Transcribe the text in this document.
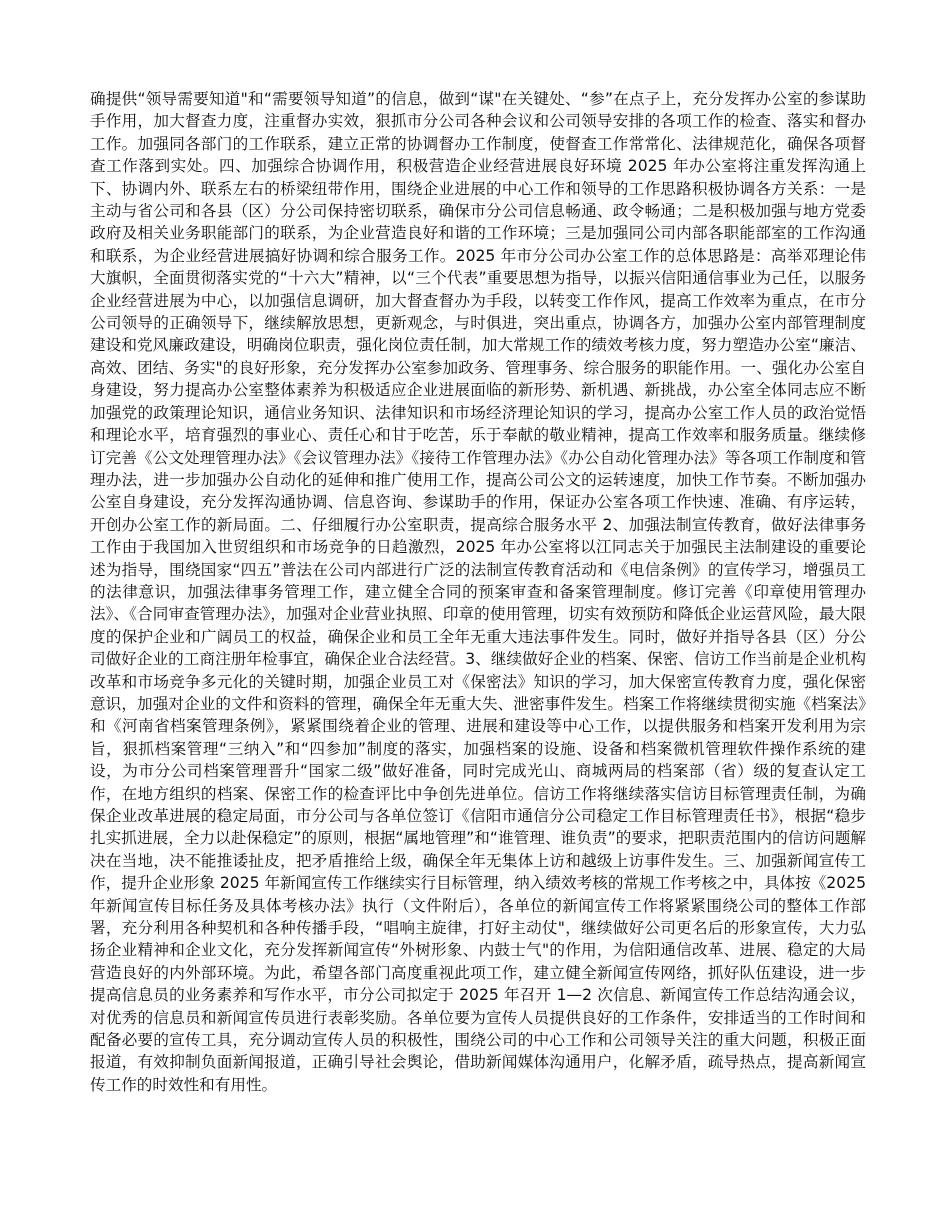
确提供“领导需要知道"和“需要领导知道”的信息，做到“谋"在关键处、“参”在点子上，充分发挥办公室的参谋助手作用，加大督查力度，注重督办实效，狠抓市分公司各种会议和公司领导安排的各项工作的检查、落实和督办工作。加强同各部门的工作联系，建立正常的协调督办工作制度，使督查工作常常化、法律规范化，确保各项督查工作落到实处。四、加强综合协调作用，积极营造企业经营进展良好环境 2025 年办公室将注重发挥沟通上下、协调内外、联系左右的桥梁纽带作用，围绕企业进展的中心工作和领导的工作思路积极协调各方关系：一是主动与省公司和各县（区）分公司保持密切联系，确保市分公司信息畅通、政令畅通；二是积极加强与地方党委政府及相关业务职能部门的联系，为企业营造良好和谐的工作环境；三是加强同公司内部各职能部室的工作沟通和联系，为企业经营进展搞好协调和综合服务工作。2025 年市分公司办公室工作的总体思路是：高举邓理论伟大旗帜，全面贯彻落实党的“十六大”精神，以“三个代表”重要思想为指导，以振兴信阳通信事业为己任，以服务企业经营进展为中心，以加强信息调研，加大督查督办为手段，以转变工作作风，提高工作效率为重点，在市分公司领导的正确领导下，继续解放思想，更新观念，与时俱进，突出重点，协调各方，加强办公室内部管理制度建设和党风廉政建设，明确岗位职责，强化岗位责任制，加大常规工作的绩效考核力度，努力塑造办公室“廉洁、高效、团结、务实"的良好形象，充分发挥办公室参加政务、管理事务、综合服务的职能作用。一、强化办公室自身建设，努力提高办公室整体素养为积极适应企业进展面临的新形势、新机遇、新挑战，办公室全体同志应不断加强党的政策理论知识，通信业务知识、法律知识和市场经济理论知识的学习，提高办公室工作人员的政治觉悟和理论水平，培育强烈的事业心、责任心和甘于吃苦，乐于奉献的敬业精神，提高工作效率和服务质量。继续修订完善《公文处理管理办法》《会议管理办法》《接待工作管理办法》《办公自动化管理办法》等各项工作制度和管理办法，进一步加强办公自动化的延伸和推广使用工作，提高公司公文的运转速度，加快工作节奏。不断加强办公室自身建设，充分发挥沟通协调、信息咨询、参谋助手的作用，保证办公室各项工作快速、准确、有序运转，开创办公室工作的新局面。二、仔细履行办公室职责，提高综合服务水平 2、加强法制宣传教育，做好法律事务工作由于我国加入世贸组织和市场竞争的日趋激烈，2025 年办公室将以江同志关于加强民主法制建设的重要论述为指导，围绕国家“四五”普法在公司内部进行广泛的法制宣传教育活动和《电信条例》的宣传学习，增强员工的法律意识，加强法律事务管理工作，建立健全合同的预案审查和备案管理制度。修订完善《印章使用管理办法》、《合同审查管理办法》，加强对企业营业执照、印章的使用管理，切实有效预防和降低企业运营风险，最大限度的保护企业和广阔员工的权益，确保企业和员工全年无重大违法事件发生。同时，做好并指导各县（区）分公司做好企业的工商注册年检事宜，确保企业合法经营。3、继续做好企业的档案、保密、信访工作当前是企业机构改革和市场竞争多元化的关键时期，加强企业员工对《保密法》知识的学习，加大保密宣传教育力度，强化保密意识，加强对企业的文件和资料的管理，确保全年无重大失、泄密事件发生。档案工作将继续贯彻实施《档案法》和《河南省档案管理条例》，紧紧围绕着企业的管理、进展和建设等中心工作，以提供服务和档案开发利用为宗旨，狠抓档案管理“三纳入”和“四参加”制度的落实，加强档案的设施、设备和档案微机管理软件操作系统的建设，为市分公司档案管理晋升“国家二级”做好准备，同时完成光山、商城两局的档案部（省）级的复查认定工作，在地方组织的档案、保密工作的检查评比中争创先进单位。信访工作将继续落实信访目标管理责任制，为确保企业改革进展的稳定局面，市分公司与各单位签订《信阳市通信分公司稳定工作目标管理责任书》，根据“稳步扎实抓进展，全力以赴保稳定”的原则，根据“属地管理”和“谁管理、谁负责”的要求，把职责范围内的信访问题解决在当地，决不能推诿扯皮，把矛盾推给上级，确保全年无集体上访和越级上访事件发生。三、加强新闻宣传工作，提升企业形象 2025 年新闻宣传工作继续实行目标管理，纳入绩效考核的常规工作考核之中，具体按《2025 年新闻宣传目标任务及具体考核办法》执行（文件附后），各单位的新闻宣传工作将紧紧围绕公司的整体工作部署，充分利用各种契机和各种传播手段，“唱响主旋律，打好主动仗"，继续做好公司更名后的形象宣传，大力弘扬企业精神和企业文化，充分发挥新闻宣传“外树形象、内鼓士气"的作用，为信阳通信改革、进展、稳定的大局营造良好的内外部环境。为此，希望各部门高度重视此项工作，建立健全新闻宣传网络，抓好队伍建设，进一步提高信息员的业务素养和写作水平，市分公司拟定于 2025 年召开 1—2 次信息、新闻宣传工作总结沟通会议，对优秀的信息员和新闻宣传员进行表彰奖励。各单位要为宣传人员提供良好的工作条件，安排适当的工作时间和配备必要的宣传工具，充分调动宣传人员的积极性，围绕公司的中心工作和公司领导关注的重大问题，积极正面报道，有效抑制负面新闻报道，正确引导社会舆论，借助新闻媒体沟通用户，化解矛盾，疏导热点，提高新闻宣传工作的时效性和有用性。
